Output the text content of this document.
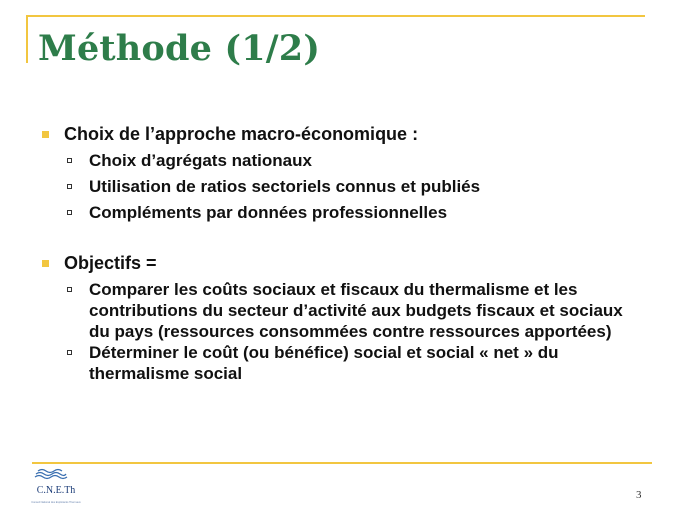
Méthode (1/2)
Choix de l’approche macro-économique :
Choix d’agrégats nationaux
Utilisation de ratios sectoriels connus et publiés
Compléments par données professionnelles
Objectifs =
Comparer les coûts sociaux et fiscaux du thermalisme et les contributions du secteur d’activité aux budgets fiscaux et sociaux du pays (ressources consommées contre ressources apportées)
Déterminer le coût (ou bénéfice) social et social « net » du thermalisme social
C.N.E.Th
Conseil National des Exploitants Thermaux
3
